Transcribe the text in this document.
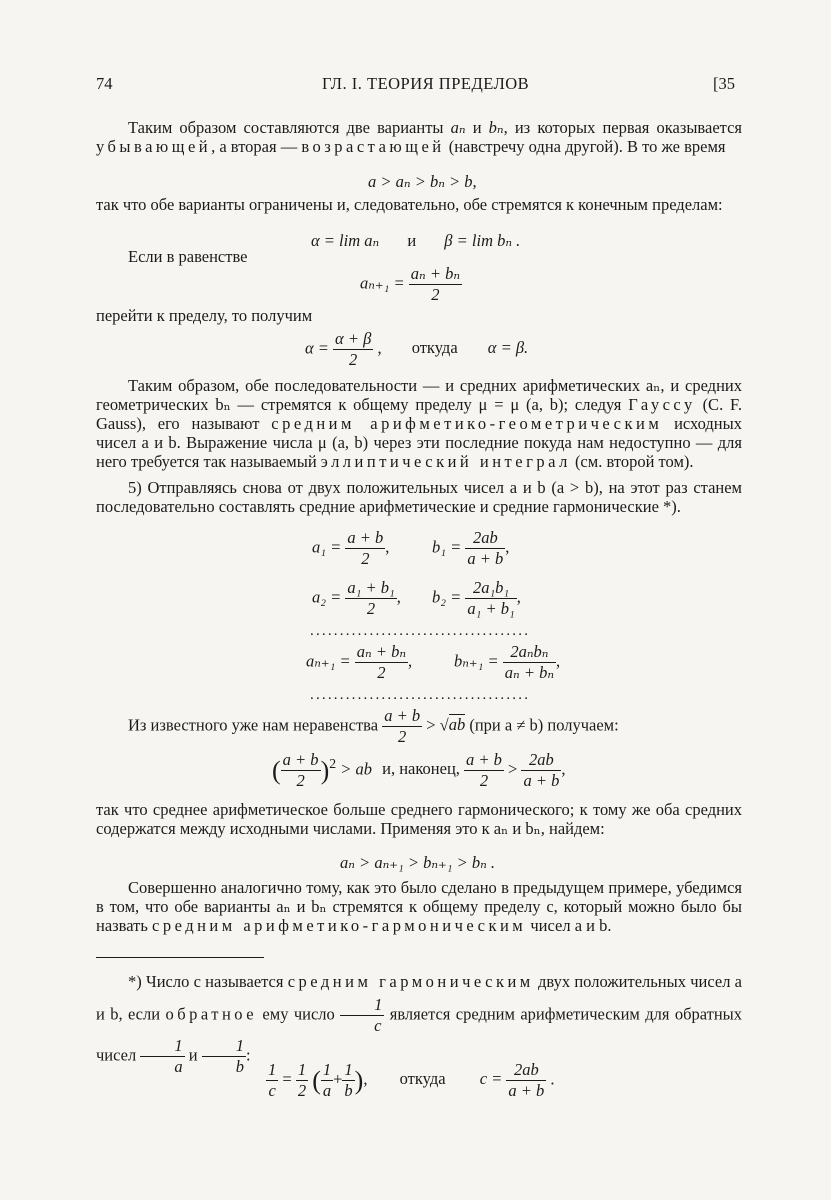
74	ГЛ. I. ТЕОРИЯ ПРЕДЕЛОВ	[35
Таким образом составляются две варианты aₙ и bₙ, из которых первая оказывается убывающей, а вторая — возрастающей (навстречу одна другой). В то же время
a > aₙ > bₙ > b,
так что обе варианты ограничены и, следовательно, обе стремятся к конечным пределам:
α = lim aₙ и β = lim bₙ .
Если в равенстве
$a_{n+1} = \frac{\text{aₙ + bₙ}}{2}$
перейти к пределу, то получим
$\alpha = \frac{\alpha + \beta}{2}$ , откуда α = β.
Таким образом, обе последовательности — и средних арифметических aₙ, и средних геометрических bₙ — стремятся к общему пределу μ = μ (a, b); следуя Гауссу (C. F. Gauss), его называют средним арифметико-геометрическим исходных чисел a и b. Выражение числа μ (a, b) через эти последние покуда нам недоступно — для него требуется так называемый эллиптический интеграл (см. второй том).
5) Отправляясь снова от двух положительных чисел a и b (a > b), на этот раз станем последовательно составлять средние арифметические и средние гармонические *).
$a_1 = \frac{a + b}{2}$ ,	$b_1 = \frac{2ab}{a + b}$ ,
$a_2 = \frac{\text{a₁ + b₁}}{2}$ , $b_2 = \frac{\text{2a₁b₁}}{\text{a₁ + b₁}}$ ,
.....................................
$a_{n+1} = \frac{\text{aₙ + bₙ}}{2}$ ,	$b_{n+1} = \frac{\text{2aₙbₙ}}{\text{aₙ + bₙ}}$ ,
.....................................
Из известного уже нам неравенства $\frac{a + b}{2} > √ab$ (при a ≠ b) получаем:
( $\frac{a + b}{2} )^2$ > ab и, наконец, $\frac{a + b}{2} > \frac{2ab}{a + b}$ ,
так что среднее арифметическое больше среднего гармонического; к тому же оба средних содержатся между исходными числами. Применяя это к aₙ и bₙ, найдем:
aₙ > aₙ₊₁ > bₙ₊₁ > bₙ .
Совершенно аналогично тому, как это было сделано в предыдущем примере, убедимся в том, что обе варианты aₙ и bₙ стремятся к общему пределу c, который можно было бы назвать средним арифметико-гармоническим чисел a и b.
*) Число c называется средним гармоническим двух положительных чисел a и b, если обратное ему число $\frac{1}{c}$ является средним арифметическим для обратных чисел $\frac{1}{a}$ и $\frac{1}{b}$ :
$\frac{1}{c} = \frac{1}{2}$ ( $\frac{1}{a} + \frac{1}{b}$ ), откуда $c = \frac{2ab}{a + b}$ .
